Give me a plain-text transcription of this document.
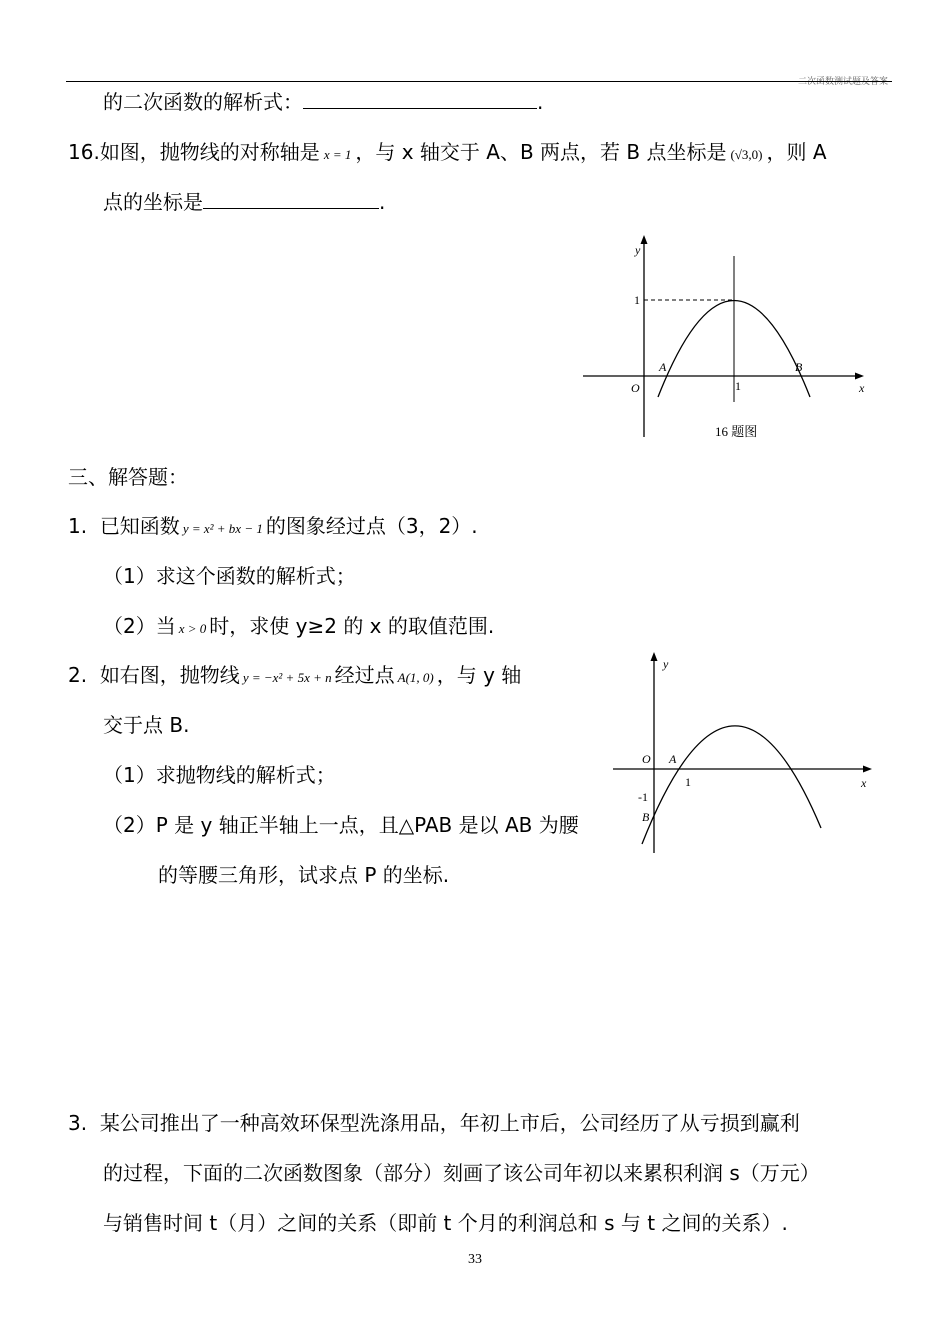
二次函数测试题及答案
的二次函数的解析式：	.
16.如图，抛物线的对称轴是 x = 1 ，与 x 轴交于 A、B 两点，若 B 点坐标是 (√3,0) ，则 A
点的坐标是	.
y
1
O	1	x
A	B
16 题图
三、解答题：
1. 已知函数 y = x² + bx − 1 的图象经过点（3，2）.
（1）求这个函数的解析式；
（2）当 x > 0 时，求使 y≥2 的 x 的取值范围.
2. 如右图，抛物线 y = −x² + 5x + n 经过点 A(1, 0) ，与 y 轴
交于点 B.
（1）求抛物线的解析式；
（2）P 是 y 轴正半轴上一点，且△PAB 是以 AB 为腰
的等腰三角形，试求点 P 的坐标.
y
O A
1	x
-1
B
3. 某公司推出了一种高效环保型洗涤用品，年初上市后，公司经历了从亏损到赢利
的过程，下面的二次函数图象（部分）刻画了该公司年初以来累积利润 s（万元）
与销售时间 t（月）之间的关系（即前 t 个月的利润总和 s 与 t 之间的关系）.
33
